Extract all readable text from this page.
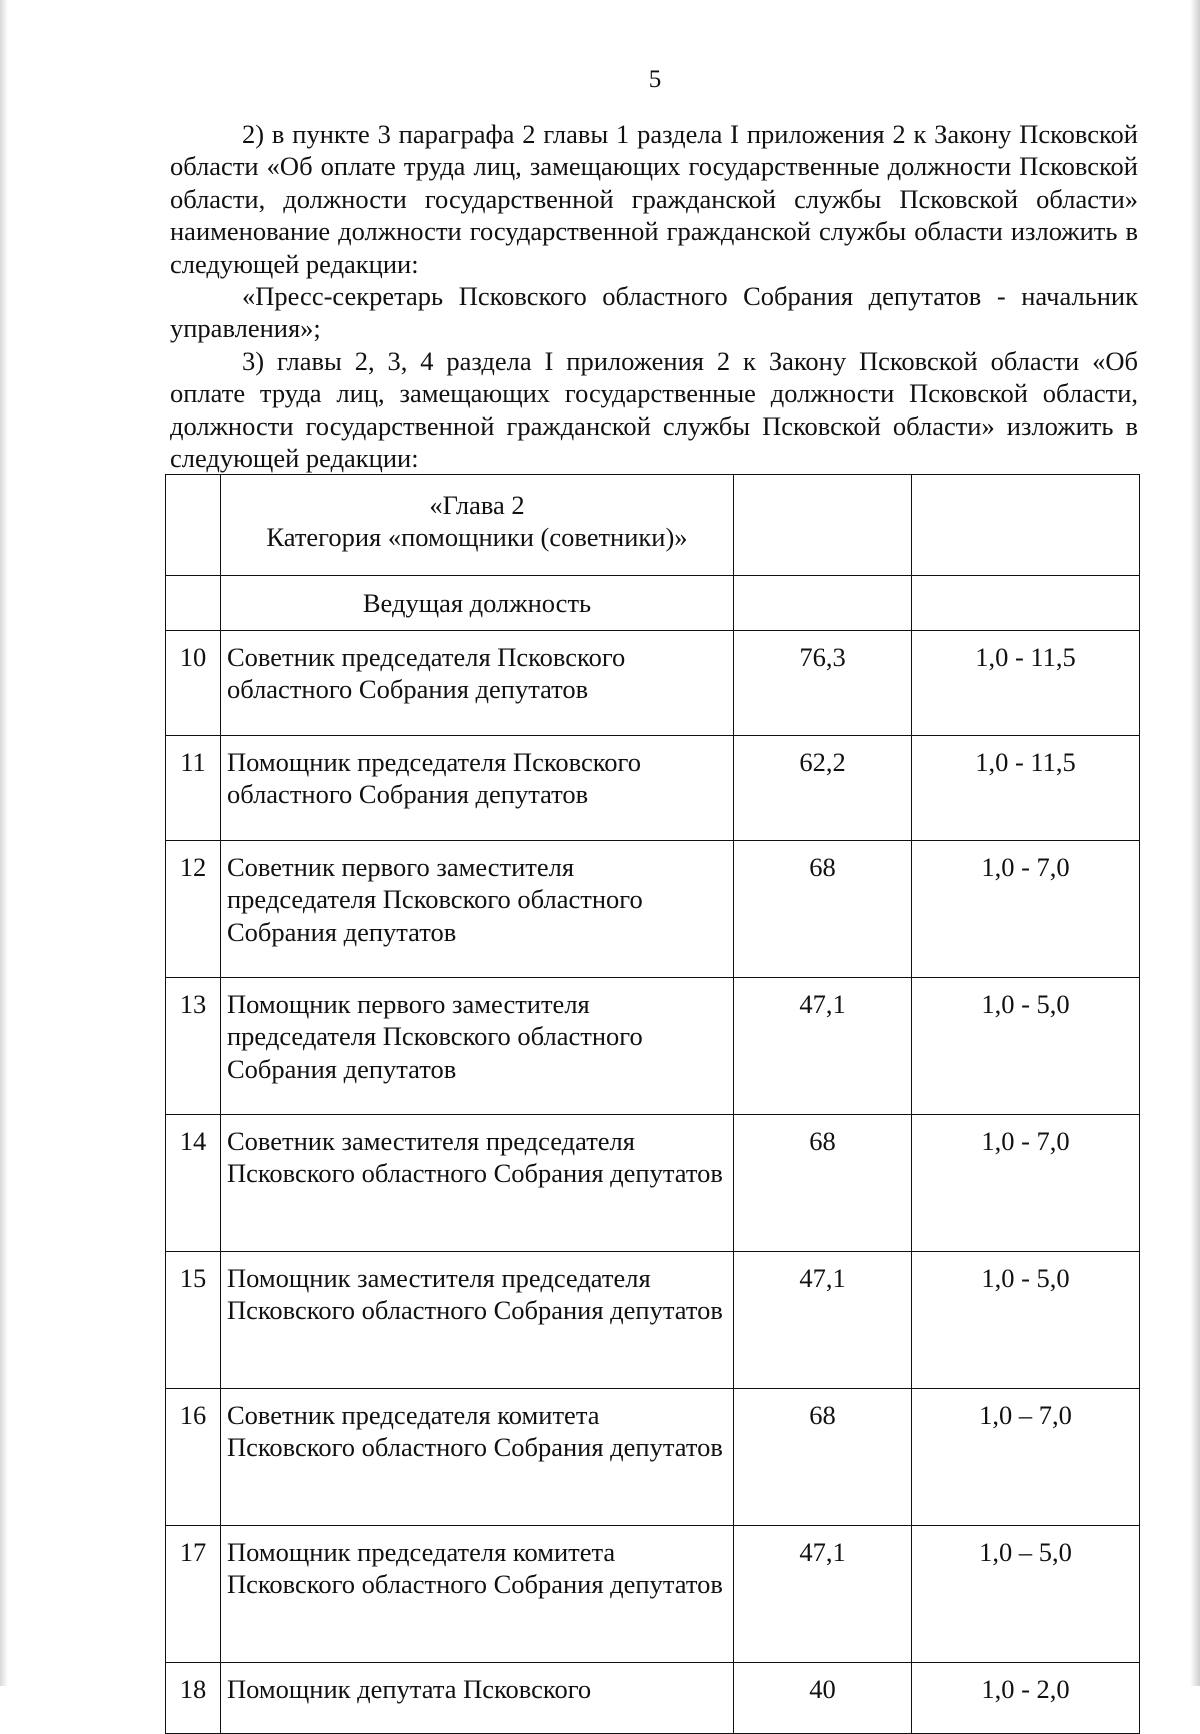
5

2) в пункте 3 параграфа 2 главы 1 раздела I приложения 2 к Закону Псковской области «Об оплате труда лиц, замещающих государственные должности Псковской области, должности государственной гражданской службы Псковской области» наименование должности государственной гражданской службы области изложить в следующей редакции:

«Пресс-секретарь Псковского областного Собрания депутатов - начальник управления»;

3) главы 2, 3, 4 раздела I приложения 2 к Закону Псковской области «Об оплате труда лиц, замещающих государственные должности Псковской области, должности государственной гражданской службы Псковской области» изложить в следующей редакции:

	«Глава 2
Категория «помощники (советники)»		

	Ведущая должность		
10	Советник председателя Псковского областного Собрания депутатов	76,3	1,0 - 11,5
11	Помощник председателя Псковского областного Собрания депутатов	62,2	1,0 - 11,5
12	Советник первого заместителя председателя Псковского областного Собрания депутатов	68	1,0 - 7,0
13	Помощник первого заместителя председателя Псковского областного Собрания депутатов	47,1	1,0 - 5,0
14	Советник заместителя председателя Псковского областного Собрания депутатов	68	1,0 - 7,0
15	Помощник заместителя председателя Псковского областного Собрания депутатов	47,1	1,0 - 5,0
16	Советник председателя комитета Псковского областного Собрания депутатов	68	1,0 – 7,0
17	Помощник председателя комитета Псковского областного Собрания депутатов	47,1	1,0 – 5,0
18	Помощник депутата Псковского	40	1,0 - 2,0
